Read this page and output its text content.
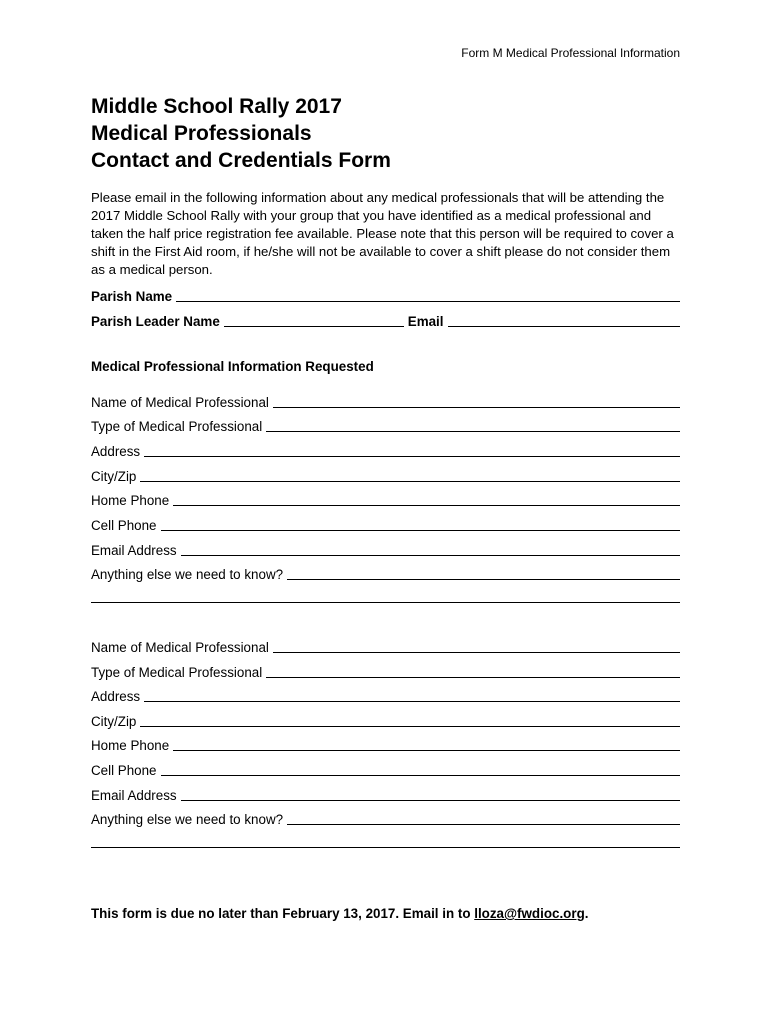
Form M Medical Professional Information
Middle School Rally 2017
Medical Professionals
Contact and Credentials Form

Please email in the following information about any medical professionals that will be attending the 2017 Middle School Rally with your group that you have identified as a medical professional and taken the half price registration fee available. Please note that this person will be required to cover a shift in the First Aid room, if he/she will not be available to cover a shift please do not consider them as a medical person.

Parish Name
Parish Leader Name	Email
Medical Professional Information Requested
Name of Medical Professional
Type of Medical Professional
Address
City/Zip
Home Phone
Cell Phone
Email Address
Anything else we need to know?
Name of Medical Professional
Type of Medical Professional
Address
City/Zip
Home Phone
Cell Phone
Email Address
Anything else we need to know?
This form is due no later than February 13, 2017. Email in to lloza@fwdioc.org.
